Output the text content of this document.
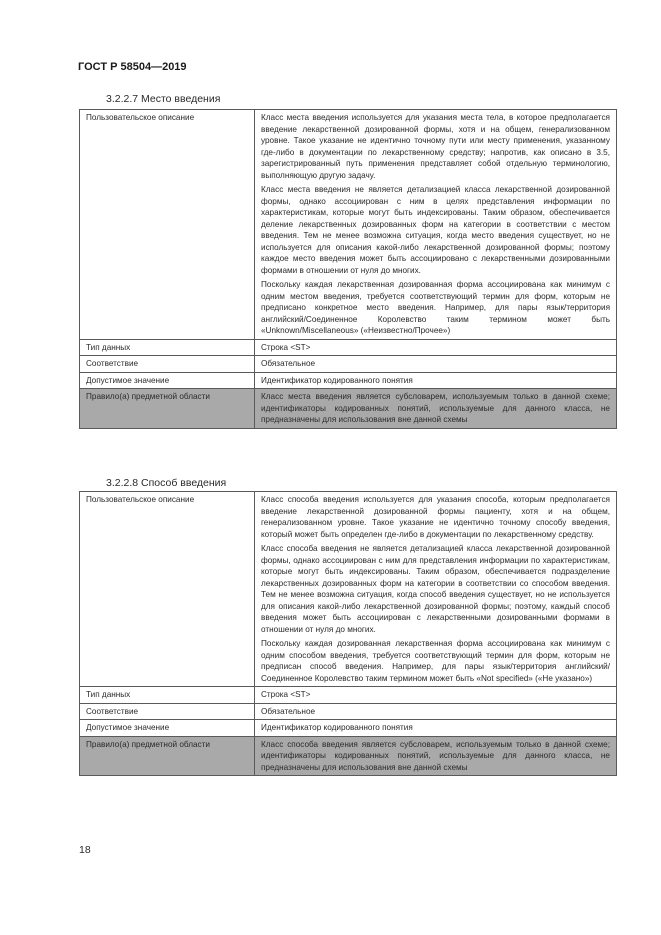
ГОСТ Р 58504—2019
3.2.2.7 Место введения
Пользовательское описание	Класс места введения используется для указания места тела, в которое предполагается введение лекарственной дозированной формы, хотя и на общем, генерализованном уровне. Такое указание не идентично точному пути или месту применения, указанному где-либо в документации по лекарственному средству; напротив, как описано в 3.5, зарегистрированный путь применения представляет собой отдельную терминологию, выполняющую другую задачу.

Класс места введения не является детализацией класса лекарственной дозированной формы, однако ассоциирован с ним в целях представления информации по характеристикам, которые могут быть индексированы. Таким образом, обеспечивается деление лекарственных дозированных форм на категории в соответствии с местом введения. Тем не менее возможна ситуация, когда место введения существует, но не используется для описания какой-либо лекарственной дозированной формы; поэтому каждое место введения может быть ассоциировано с лекарственными дозированными формами в отношении от нуля до многих.

Поскольку каждая лекарственная дозированная форма ассоциирована как минимум с одним местом введения, требуется соответствующий термин для форм, которым не предписано конкретное место введения. Например, для пары язык/территория английский/Соединенное Королевство таким термином может быть «Unknown/Miscellaneous» («Неизвестно/Прочее»)

Тип данных	Строка <ST>
Соответствие	Обязательное
Допустимое значение	Идентификатор кодированного понятия
Правило(а) предметной области	Класс места введения является субсловарем, используемым только в данной схеме; идентификаторы кодированных понятий, используемые для данного класса, не предназначены для использования вне данной схемы

3.2.2.8 Способ введения
Пользовательское описание	Класс способа введения используется для указания способа, которым предполагается введение лекарственной дозированной формы пациенту, хотя и на общем, генерализованном уровне. Такое указание не идентично точному способу введения, который может быть определен где-либо в документации по лекарственному средству.

Класс способа введения не является детализацией класса лекарственной дозированной формы, однако ассоциирован с ним для представления информации по характеристикам, которые могут быть индексированы. Таким образом, обеспечивается подразделение лекарственных дозированных форм на категории в соответствии со способом введения. Тем не менее возможна ситуация, когда способ введения существует, но не используется для описания какой-либо лекарственной дозированной формы; поэтому, каждый способ введения может быть ассоциирован с лекарственными дозированными формами в отношении от нуля до многих.

Поскольку каждая дозированная лекарственная форма ассоциирована как минимум с одним способом введения, требуется соответствующий термин для форм, которым не предписан способ введения. Например, для пары язык/территория английский/Соединенное Королевство таким термином может быть «Not specified» («Не указано»)

Тип данных	Строка <ST>
Соответствие	Обязательное
Допустимое значение	Идентификатор кодированного понятия
Правило(а) предметной области	Класс способа введения является субсловарем, используемым только в данной схеме; идентификаторы кодированных понятий, используемые для данного класса, не предназначены для использования вне данной схемы

18
